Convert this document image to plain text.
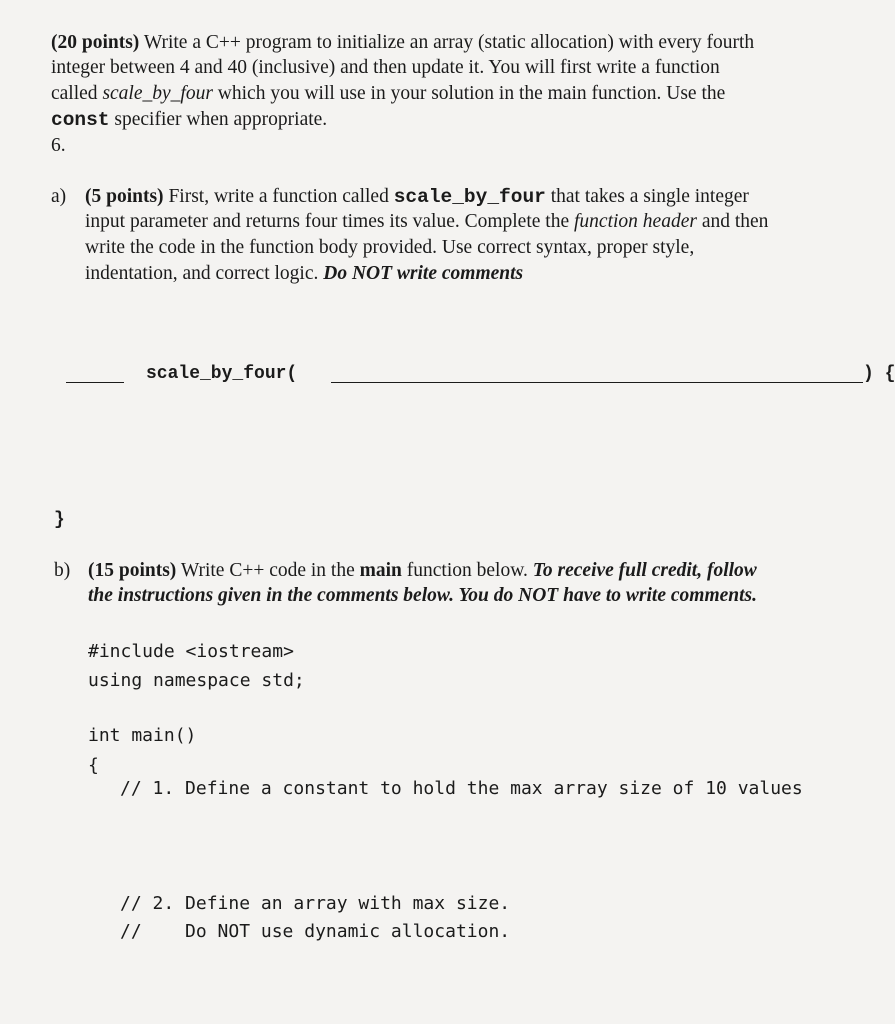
(20 points) Write a C++ program to initialize an array (static allocation) with every fourth
integer between 4 and 40 (inclusive) and then update it. You will first write a function
called scale_by_four which you will use in your solution in the main function. Use the
const specifier when appropriate.
6.
a) (5 points) First, write a function called scale_by_four that takes a single integer
input parameter and returns four times its value. Complete the function header and then
write the code in the function body provided. Use correct syntax, proper style,
indentation, and correct logic. Do NOT write comments
scale_by_four(	) {
}
b) (15 points) Write C++ code in the main function below. To receive full credit, follow
the instructions given in the comments below. You do NOT have to write comments.
#include <iostream>
using namespace std;
int main()
{
// 1. Define a constant to hold the max array size of 10 values
// 2. Define an array with max size.
//    Do NOT use dynamic allocation.
